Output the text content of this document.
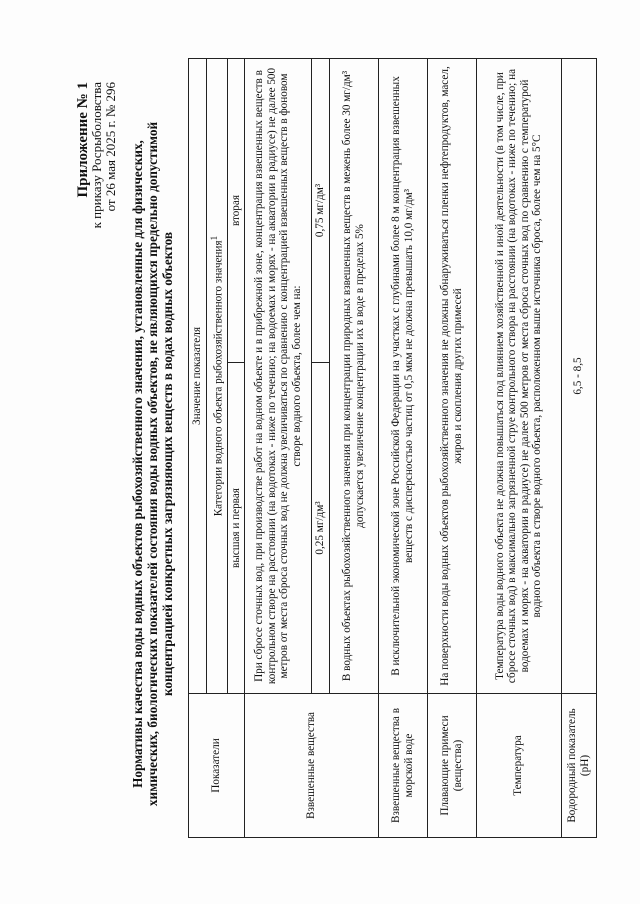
Приложение № 1
к приказу Росрыболовства от 26 мая 2025 г. № 296 Нормативы качества воды водных объектов рыбохозяйственного значения, установленные для физических, химических, биологических показателей состояния воды водных объектов, не являющихся предельно допустимой концентрацией конкретных загрязняющих веществ в водах водных объектов
Показатели	Значение показателя	
	Категории водного объекта рыбохозяйственного значения$^1$
	высшая и первая	вторая
Взвешенные вещества	При сбросе сточных вод, при производстве работ на водном объекте и в прибрежной зоне, концентрация взвешенных веществ в контрольном створе на расстоянии (на водотоках - ниже по течению; на водоемах и морях - на акватории в радиусе) не далее 500 метров от места сброса сточных вод не должна увеличиваться по сравнению с концентрацией взвешенных веществ в фоновом створе водного объекта, более чем на:	
	0,25 мг/дм³	0,75 мг/дм³
	В водных объектах рыбохозяйственного значения при концентрации природных взвешенных веществ в межень более 30 мг/дм³ допускается увеличение концентрации их в воде в пределах 5%	
Взвешенные вещества в морской воде	В исключительной экономической зоне Российской Федерации на участках с глубинами более 8 м концентрация взвешенных веществ с дисперсностью частиц от 0,5 мкм не должна превышать 10,0 мг/дм³	
Плавающие примеси (вещества)	На поверхности воды водных объектов рыбохозяйственного значения не должны обнаруживаться пленки нефтепродуктов, масел, жиров и скопления других примесей	
Температура	Температура воды водного объекта не должна повышаться под влиянием хозяйственной и иной деятельности (в том числе, при сбросе сточных вод) в максимально загрязненной струе контрольного створа на расстоянии (на водотоках - ниже по течению; на водоемах и морях - на акватории в радиусе) не далее 500 метров от места сброса сточных вод по сравнению с температурой водного объекта в створе водного объекта, расположенном выше источника сброса, более чем на 5°С	
Водородный показатель (рН)	6,5 - 8,5	
